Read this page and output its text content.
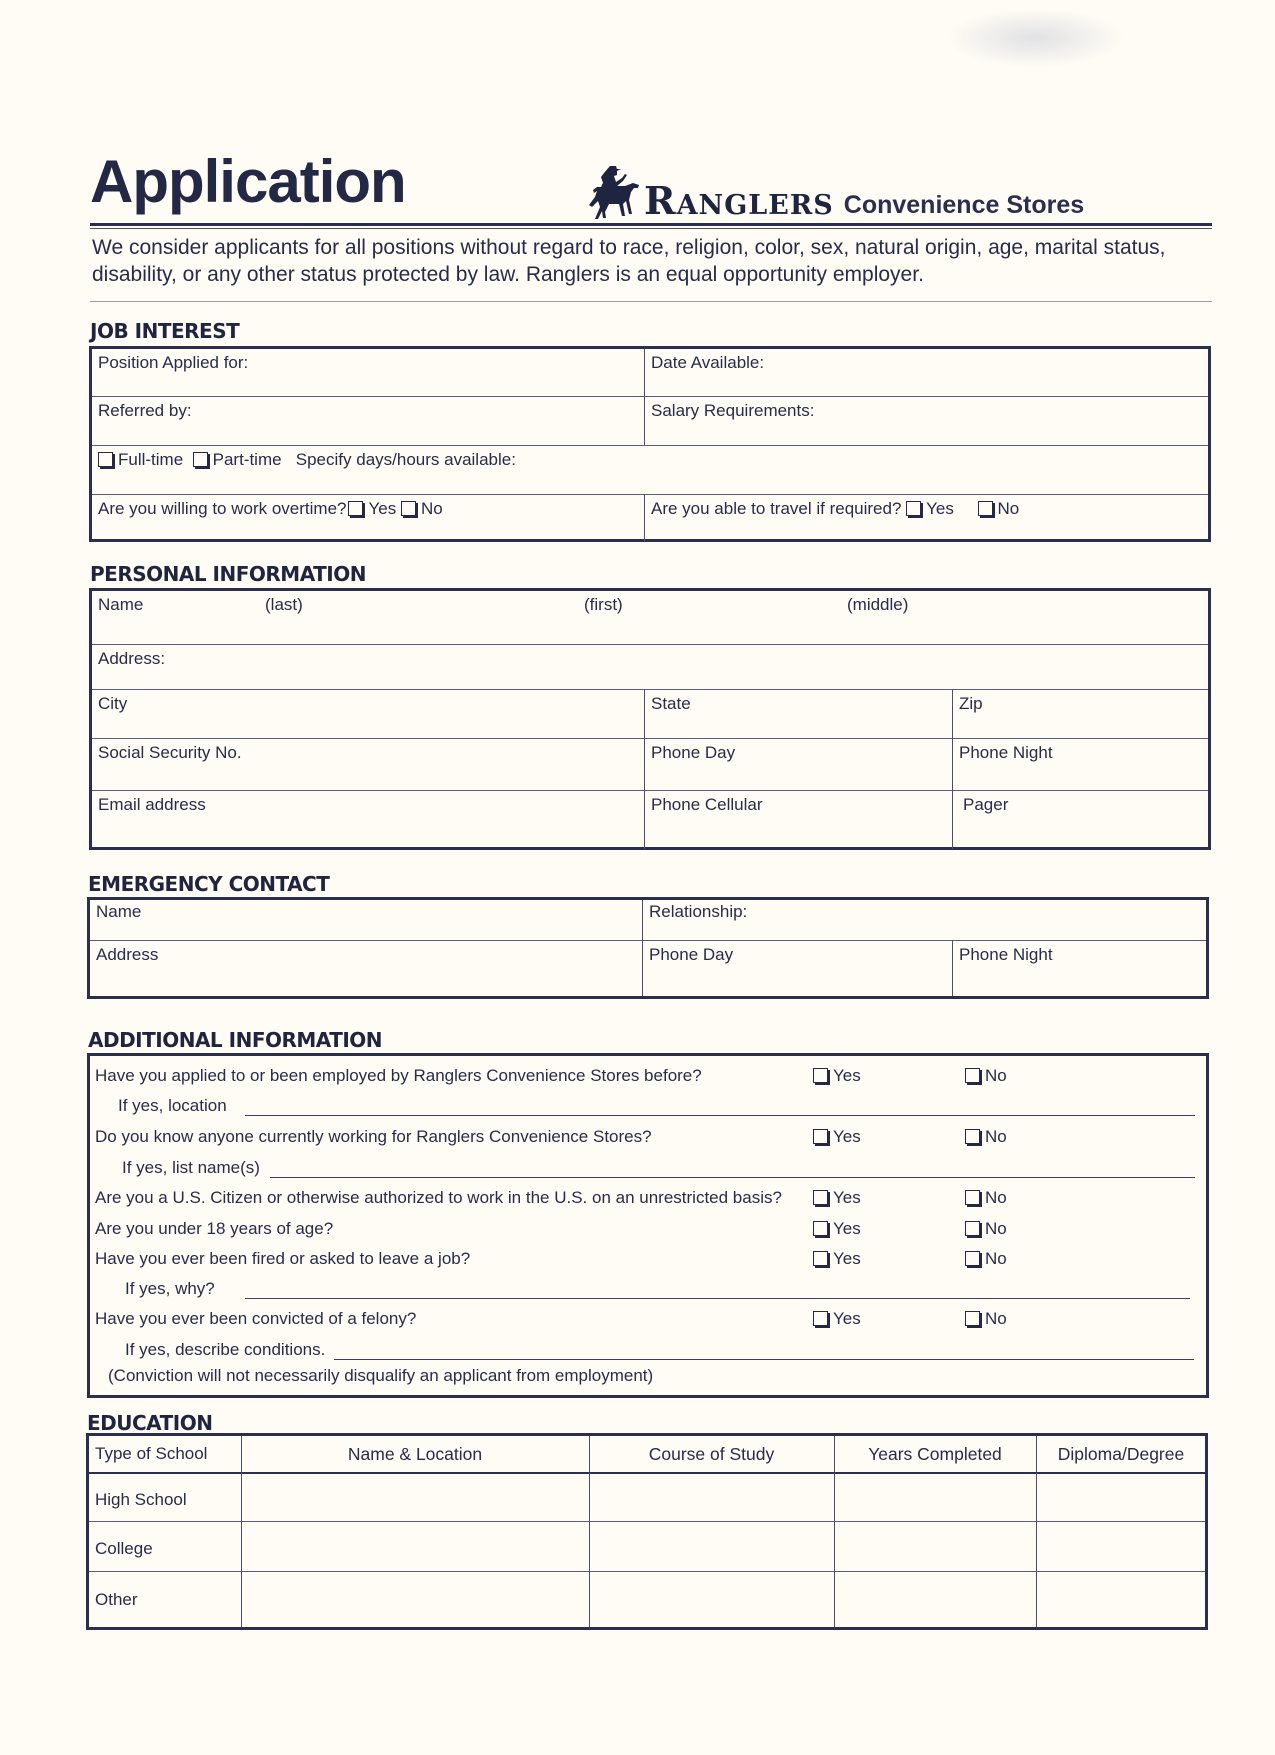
Application	Ranglers Convenience Stores
We consider applicants for all positions without regard to race, religion, color, sex, natural origin, age, marital status, disability, or any other status protected by law. Ranglers is an equal opportunity employer.
JOB INTEREST
Position Applied for:	Date Available:
Referred by:	Salary Requirements:
Full-time Part-time Specify days/hours available:
Are you willing to work overtime? Yes No	Are you able to travel if required? Yes	No
PERSONAL INFORMATION
Name	(last)	(first)	(middle)
Address:
City	State	Zip
Social Security No.	Phone Day	Phone Night
Email address	Phone Cellular	Pager
EMERGENCY CONTACT
Name	Relationship:
Address	Phone Day	Phone Night
ADDITIONAL INFORMATION
Have you applied to or been employed by Ranglers Convenience Stores before?	Yes	No
If yes, location
Do you know anyone currently working for Ranglers Convenience Stores?	Yes	No
If yes, list name(s)
Are you a U.S. Citizen or otherwise authorized to work in the U.S. on an unrestricted basis?	Yes	No
Are you under 18 years of age?	Yes	No
Have you ever been fired or asked to leave a job?	Yes	No
If yes, why?
Have you ever been convicted of a felony?	Yes	No
If yes, describe conditions.
(Conviction will not necessarily disqualify an applicant from employment)
EDUCATION
Type of School	Name & Location	Course of Study	Years Completed	Diploma/Degree
High School
College
Other
